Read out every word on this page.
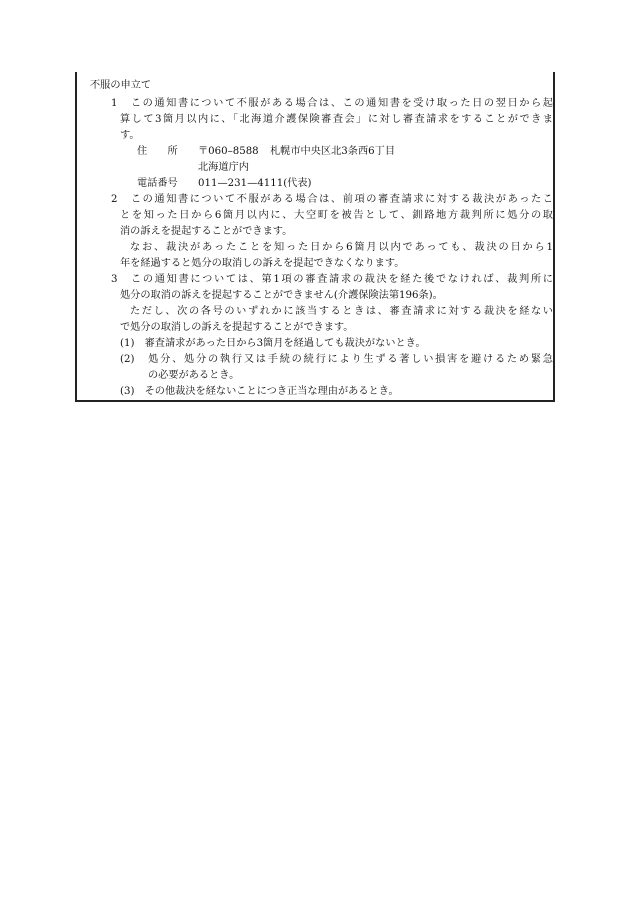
不服の申立て
1　この通知書について不服がある場合は、この通知書を受け取った日の翌日から起
算して3箇月以内に、「北海道介護保険審査会」に対し審査請求をすることができま
す。
住　　所 〒060–8588 札幌市中央区北3条西6丁目
北海道庁内
電話番号 011—231—4111(代表)
2　この通知書について不服がある場合は、前項の審査請求に対する裁決があったこ
とを知った日から6箇月以内に、大空町を被告として、釧路地方裁判所に処分の取
消の訴えを提起することができます。
なお、裁決があったことを知った日から6箇月以内であっても、裁決の日から1
年を経過すると処分の取消しの訴えを提起できなくなります。
3　この通知書については、第1項の審査請求の裁決を経た後でなければ、裁判所に
処分の取消の訴えを提起することができません(介護保険法第196条)。
ただし、次の各号のいずれかに該当するときは、審査請求に対する裁決を経ない
で処分の取消しの訴えを提起することができます。
(1)　審査請求があった日から3箇月を経過しても裁決がないとき。
(2)　処分、処分の執行又は手続の続行により生ずる著しい損害を避けるため緊急
の必要があるとき。
(3)　その他裁決を経ないことにつき正当な理由があるとき。
